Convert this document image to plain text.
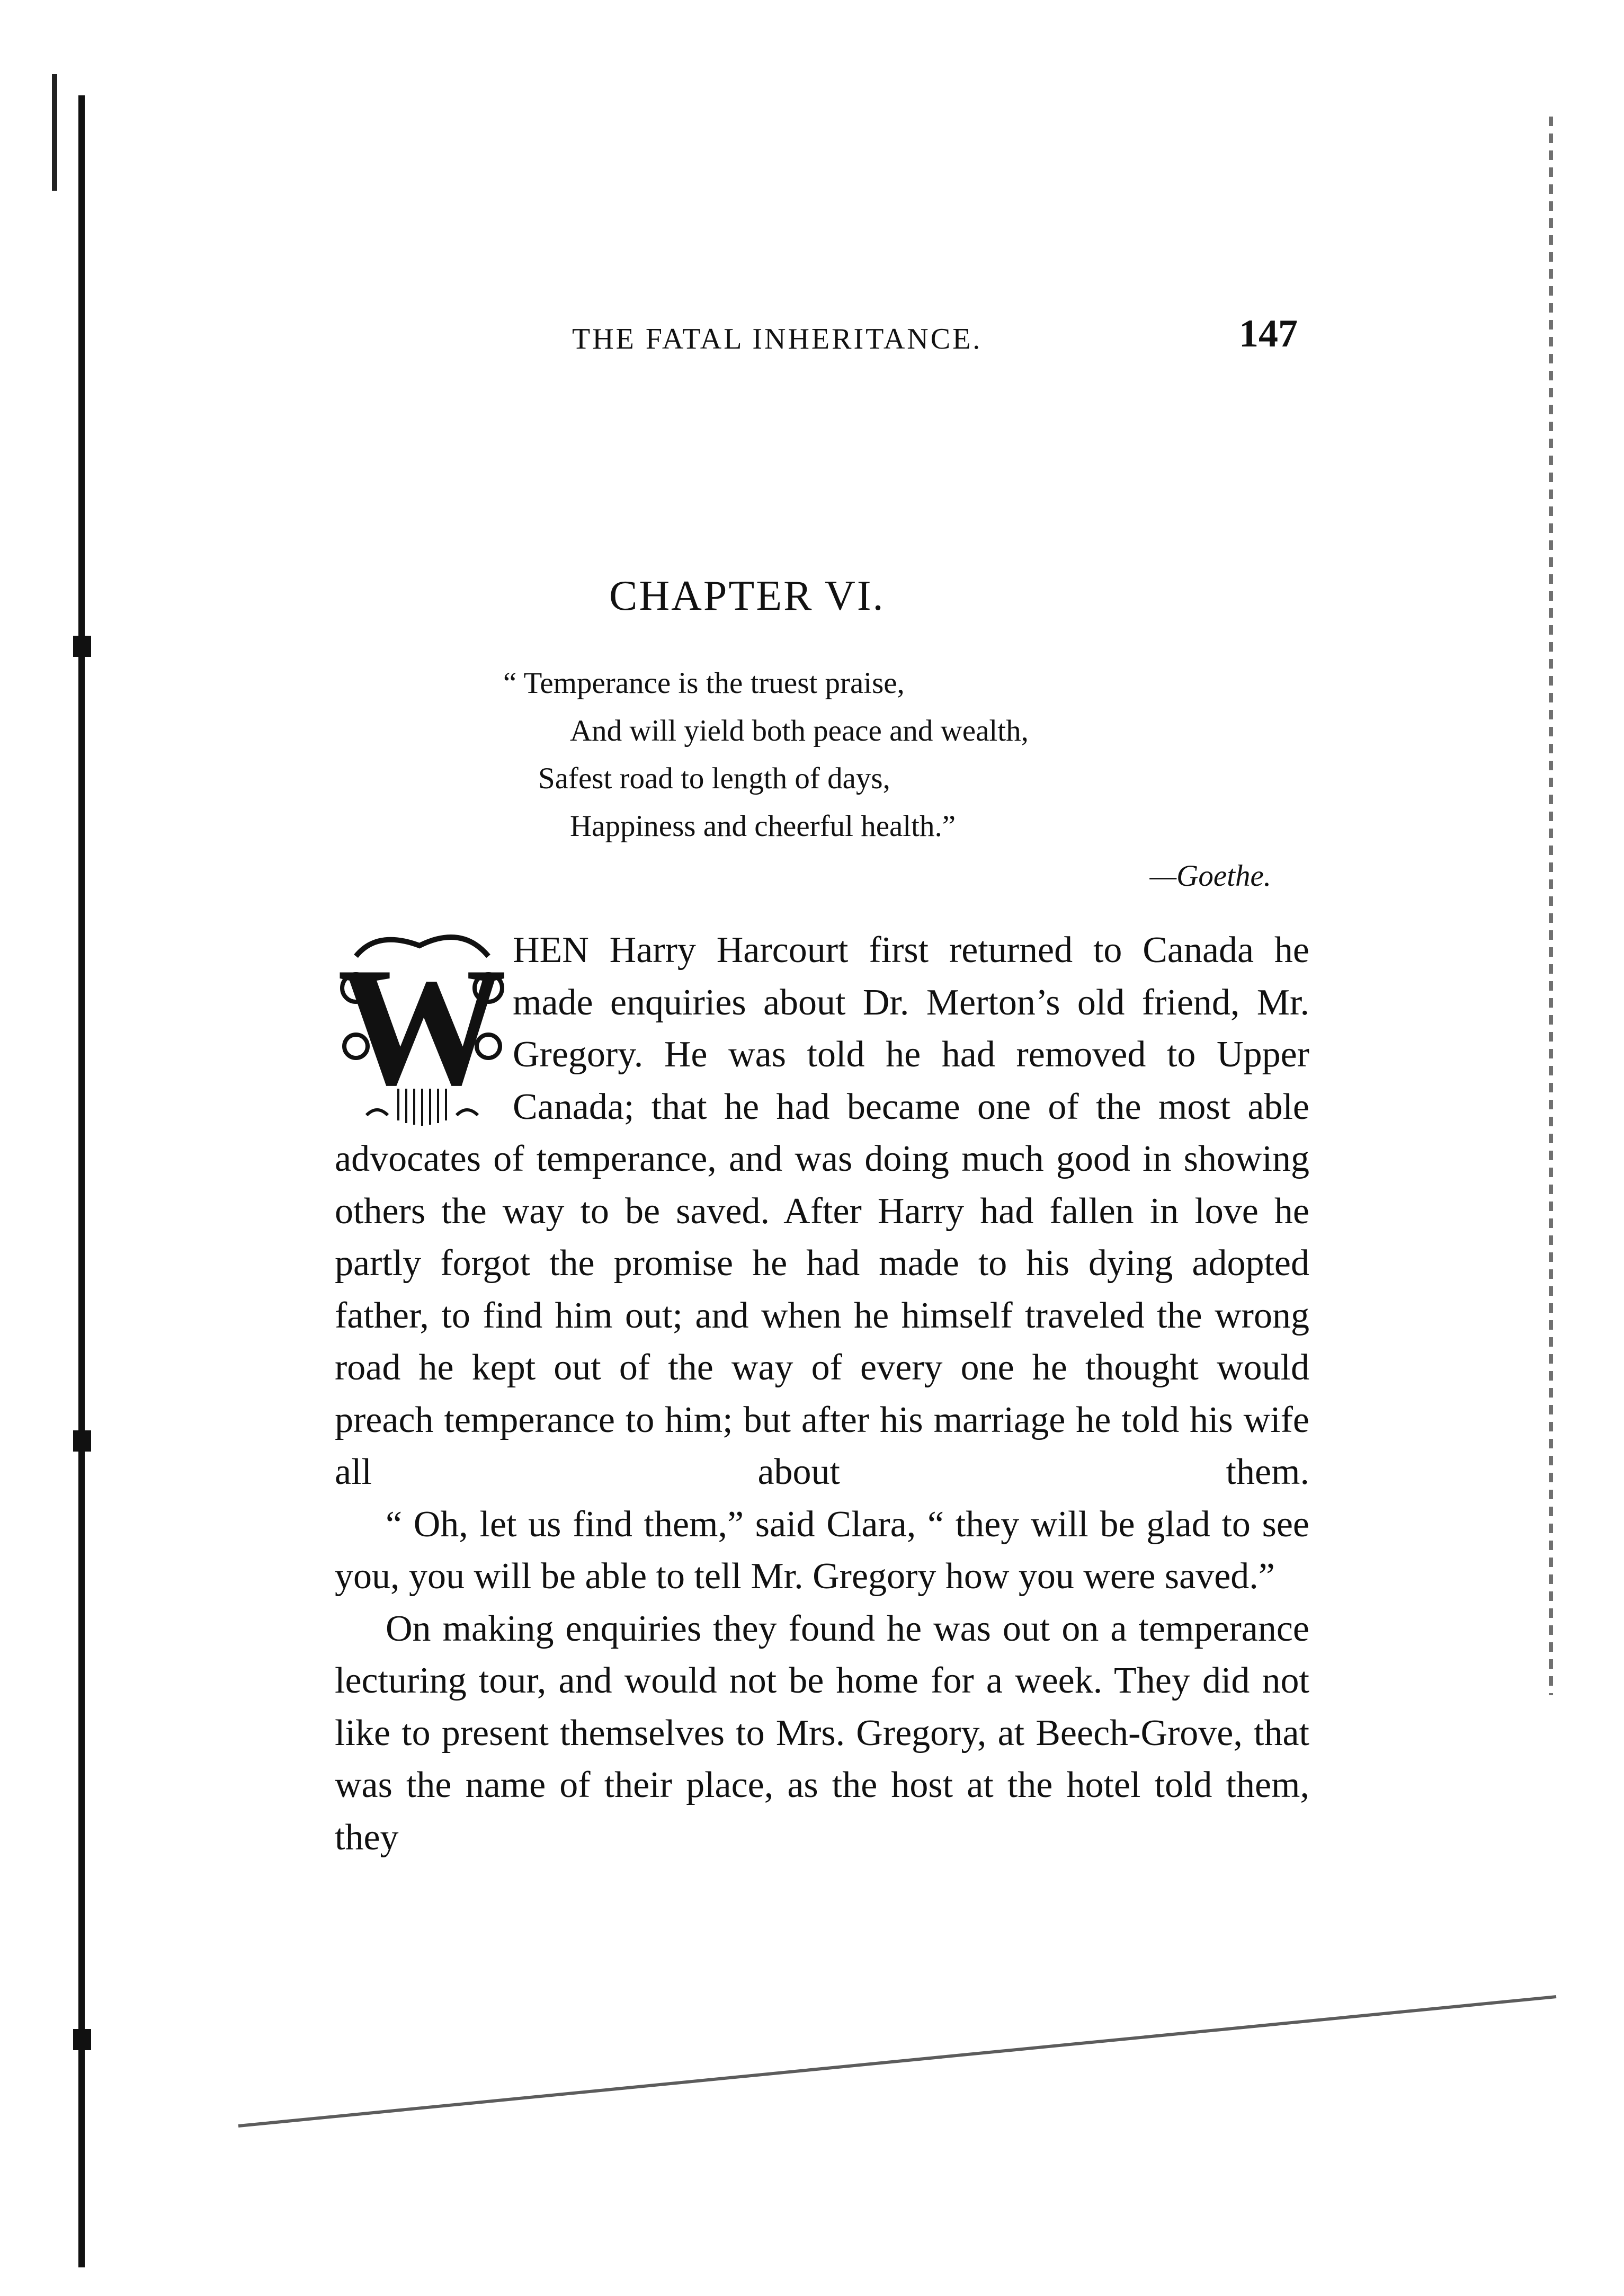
THE FATAL INHERITANCE.	147
CHAPTER VI.
“ Temperance is the truest praise,
And will yield both peace and wealth,
Safest road to length of days,
Happiness and cheerful health.”
—Goethe.

W HEN Harry Harcourt first returned to Canada he made enquiries about Dr. Merton’s old friend, Mr. Gregory. He was told he had removed to Upper Canada; that he had became one of the most able advocates of temperance, and was doing much good in showing others the way to be saved. After Harry had fallen in love he partly forgot the promise he had made to his dying adopted father, to find him out; and when he himself traveled the wrong road he kept out of the way of every one he thought would preach temperance to him; but after his marriage he told his wife all about them.

“ Oh, let us find them,” said Clara, “ they will be glad to see you, you will be able to tell Mr. Gregory how you were saved.”

On making enquiries they found he was out on a temperance lecturing tour, and would not be home for a week. They did not like to present themselves to Mrs. Gregory, at Beech-Grove, that was the name of their place, as the host at the hotel told them, they
